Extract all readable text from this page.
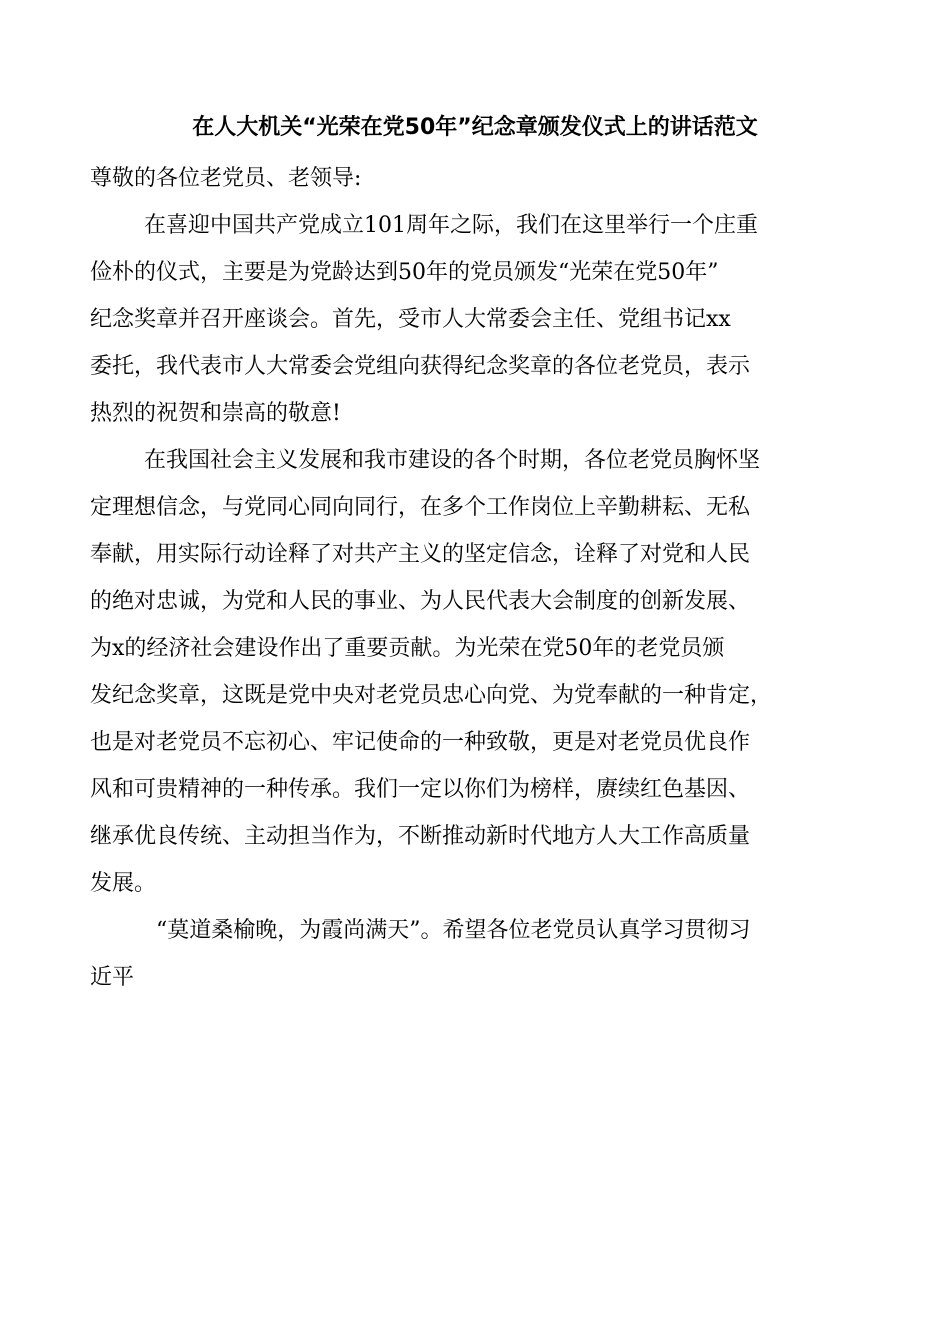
在人大机关“光荣在党50年”纪念章颁发仪式上的讲话范文
尊敬的各位老党员、老领导:
在喜迎中国共产党成立101周年之际，我们在这里举行一个庄重
俭朴的仪式，主要是为党龄达到50年的党员颁发“光荣在党50年”
纪念奖章并召开座谈会。首先，受市人大常委会主任、党组书记xx
委托，我代表市人大常委会党组向获得纪念奖章的各位老党员，表示
热烈的祝贺和崇高的敬意!
在我国社会主义发展和我市建设的各个时期，各位老党员胸怀坚
定理想信念，与党同心同向同行，在多个工作岗位上辛勤耕耘、无私
奉献，用实际行动诠释了对共产主义的坚定信念，诠释了对党和人民
的绝对忠诚，为党和人民的事业、为人民代表大会制度的创新发展、
为x的经济社会建设作出了重要贡献。为光荣在党50年的老党员颁
发纪念奖章，这既是党中央对老党员忠心向党、为党奉献的一种肯定，
也是对老党员不忘初心、牢记使命的一种致敬，更是对老党员优良作
风和可贵精神的一种传承。我们一定以你们为榜样，赓续红色基因、
继承优良传统、主动担当作为，不断推动新时代地方人大工作高质量
发展。
“莫道桑榆晚，为霞尚满天”。希望各位老党员认真学习贯彻习
近平
